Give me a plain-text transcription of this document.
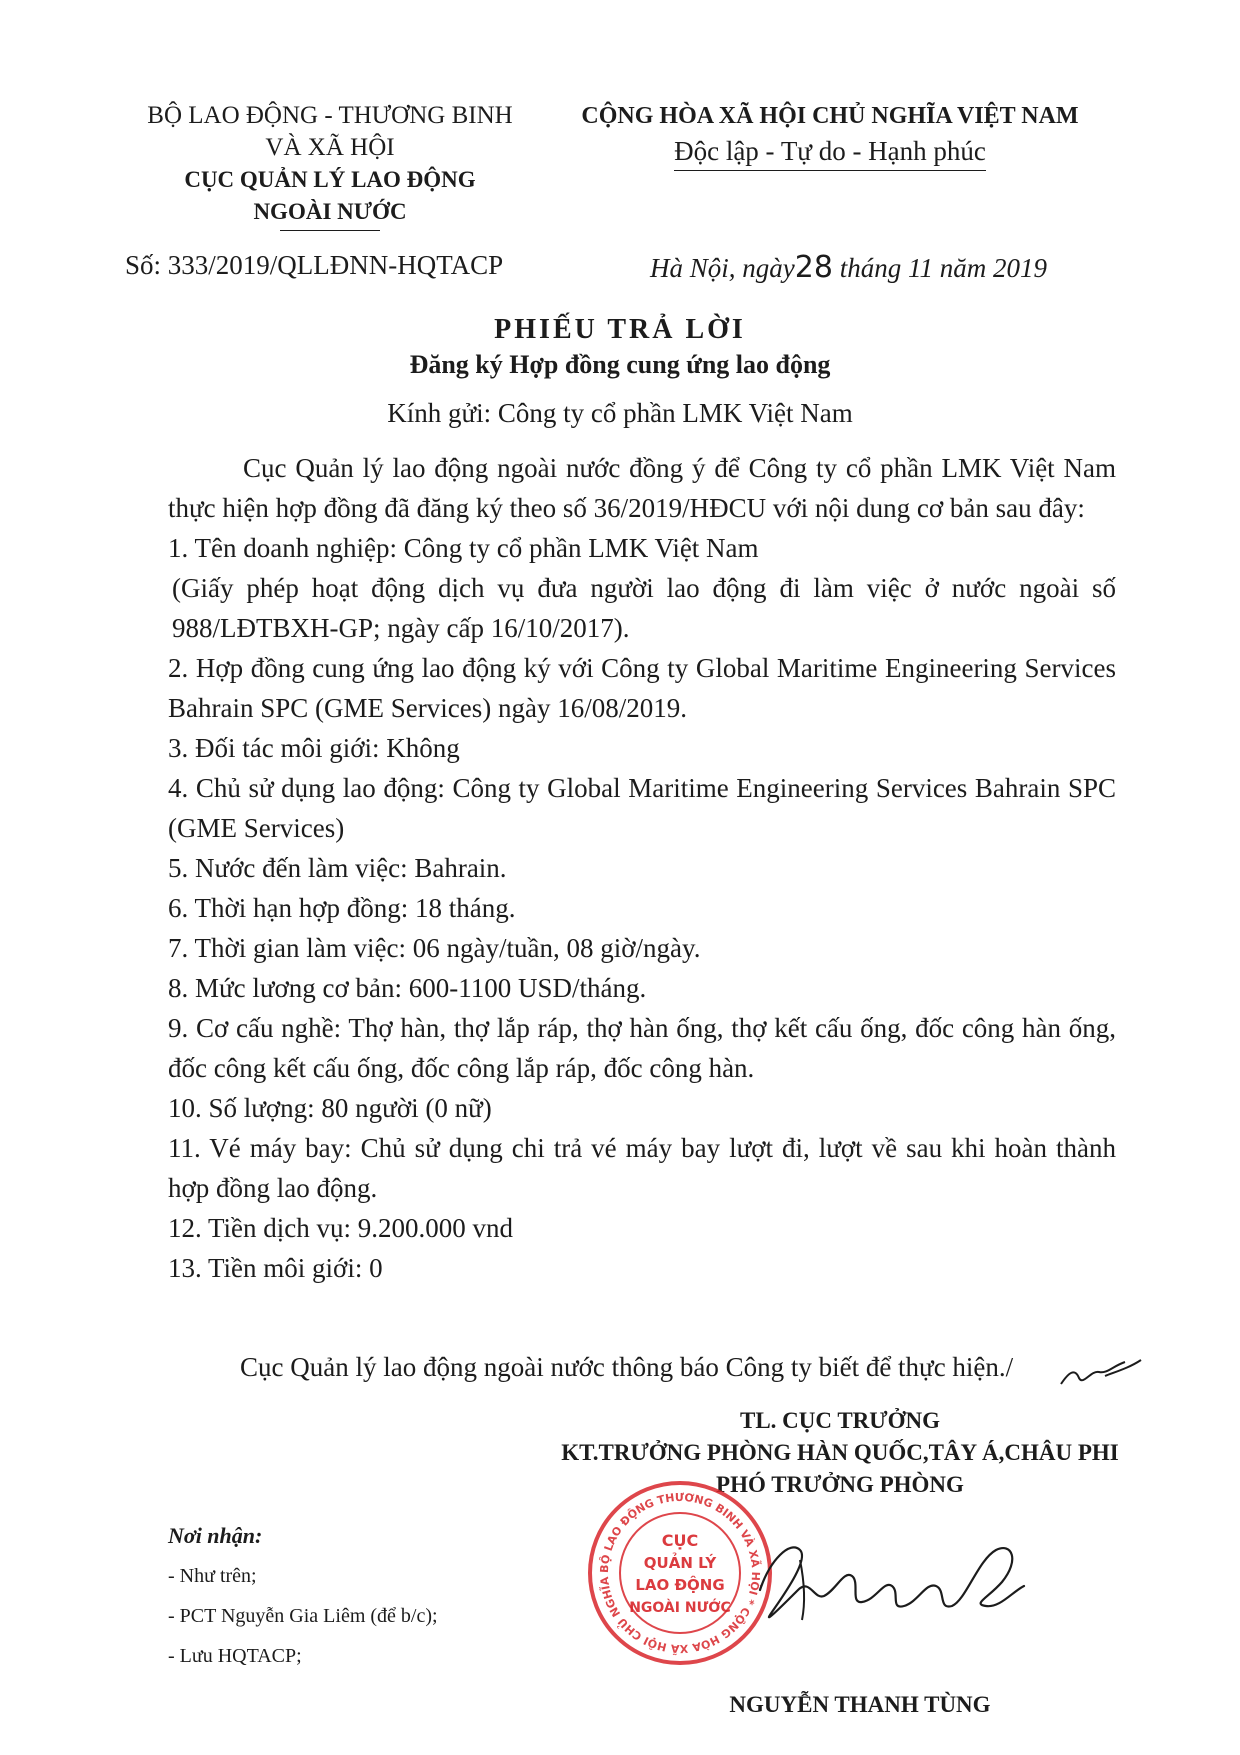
BỘ LAO ĐỘNG - THƯƠNG BINH
VÀ XÃ HỘI
CỤC QUẢN LÝ LAO ĐỘNG
NGOÀI NƯỚC
CỘNG HÒA XÃ HỘI CHỦ NGHĨA VIỆT NAM
Độc lập - Tự do - Hạnh phúc
Số: 333/2019/QLLĐNN-HQTACP	Hà Nội, ngày28 tháng 11 năm 2019
PHIẾU TRẢ LỜI
Đăng ký Hợp đồng cung ứng lao động
Kính gửi: Công ty cổ phần LMK Việt Nam

Cục Quản lý lao động ngoài nước đồng ý để Công ty cổ phần LMK Việt Nam thực hiện hợp đồng đã đăng ký theo số 36/2019/HĐCU với nội dung cơ bản sau đây:

1. Tên doanh nghiệp: Công ty cổ phần LMK Việt Nam

(Giấy phép hoạt động dịch vụ đưa người lao động đi làm việc ở nước ngoài số 988/LĐTBXH-GP; ngày cấp 16/10/2017).

2. Hợp đồng cung ứng lao động ký với Công ty Global Maritime Engineering Services Bahrain SPC (GME Services) ngày 16/08/2019.

3. Đối tác môi giới: Không

4. Chủ sử dụng lao động: Công ty Global Maritime Engineering Services Bahrain SPC (GME Services)

5. Nước đến làm việc: Bahrain.

6. Thời hạn hợp đồng: 18 tháng.

7. Thời gian làm việc: 06 ngày/tuần, 08 giờ/ngày.

8. Mức lương cơ bản: 600-1100 USD/tháng.

9. Cơ cấu nghề: Thợ hàn, thợ lắp ráp, thợ hàn ống, thợ kết cấu ống, đốc công hàn ống, đốc công kết cấu ống, đốc công lắp ráp, đốc công hàn.

10. Số lượng: 80 người (0 nữ)

11. Vé máy bay: Chủ sử dụng chi trả vé máy bay lượt đi, lượt về sau khi hoàn thành hợp đồng lao động.

12. Tiền dịch vụ: 9.200.000 vnd

13. Tiền môi giới: 0

Cục Quản lý lao động ngoài nước thông báo Công ty biết để thực hiện./
TL. CỤC TRƯỞNG
KT.TRƯỞNG PHÒNG HÀN QUỐC,TÂY Á,CHÂU PHI
PHÓ TRƯỞNG PHÒNG
BỘ LAO ĐỘNG THƯƠNG BINH VÀ XÃ HỘI * CỘNG HÒA XÃ HỘI CHỦ NGHĨA
CỤC
QUẢN LÝ
LAO ĐỘNG
NGOÀI NƯỚC
Nơi nhận:
- Như trên;
- PCT Nguyễn Gia Liêm (để b/c);
- Lưu HQTACP;
NGUYỄN THANH TÙNG
